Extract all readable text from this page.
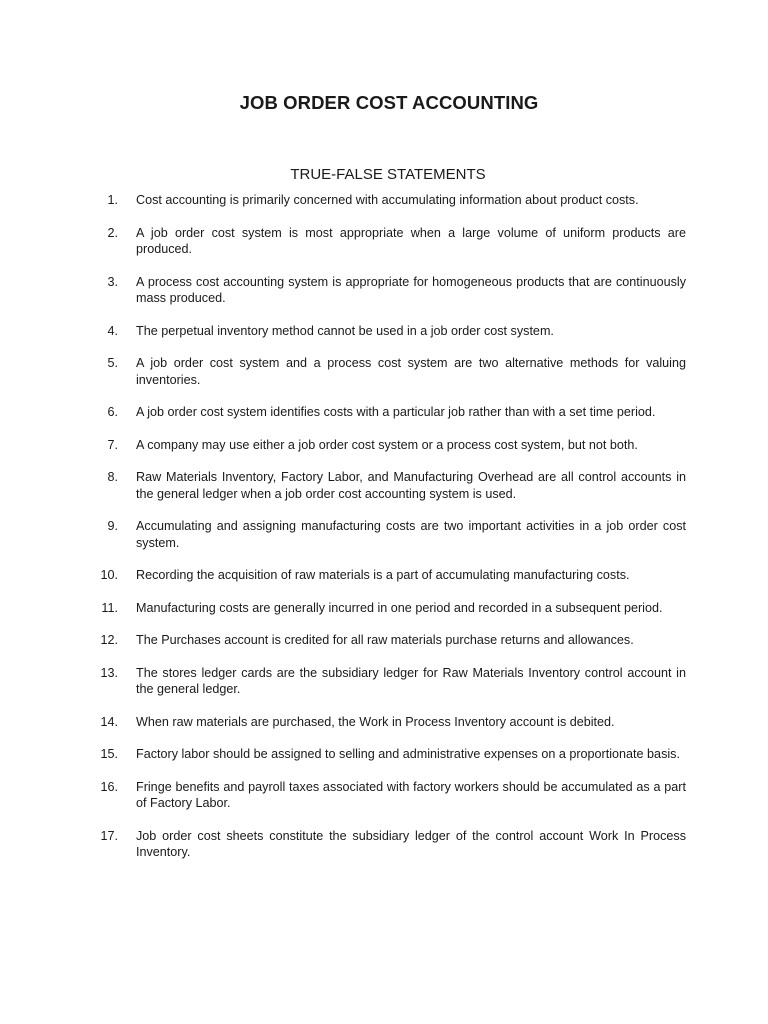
JOB ORDER COST ACCOUNTING
TRUE-FALSE STATEMENTS
1. Cost accounting is primarily concerned with accumulating information about product costs.
2. A job order cost system is most appropriate when a large volume of uniform products are produced.
3. A process cost accounting system is appropriate for homogeneous products that are continuously mass produced.
4. The perpetual inventory method cannot be used in a job order cost system.
5. A job order cost system and a process cost system are two alternative methods for valuing inventories.
6. A job order cost system identifies costs with a particular job rather than with a set time period.
7. A company may use either a job order cost system or a process cost system, but not both.
8. Raw Materials Inventory, Factory Labor, and Manufacturing Overhead are all control accounts in the general ledger when a job order cost accounting system is used.
9. Accumulating and assigning manufacturing costs are two important activities in a job order cost system.
10. Recording the acquisition of raw materials is a part of accumulating manufacturing costs.
11. Manufacturing costs are generally incurred in one period and recorded in a subsequent period.
12. The Purchases account is credited for all raw materials purchase returns and allowances.
13. The stores ledger cards are the subsidiary ledger for Raw Materials Inventory control account in the general ledger.
14. When raw materials are purchased, the Work in Process Inventory account is debited.
15. Factory labor should be assigned to selling and administrative expenses on a proportionate basis.
16. Fringe benefits and payroll taxes associated with factory workers should be accumulated as a part of Factory Labor.
17. Job order cost sheets constitute the subsidiary ledger of the control account Work In Process Inventory.
